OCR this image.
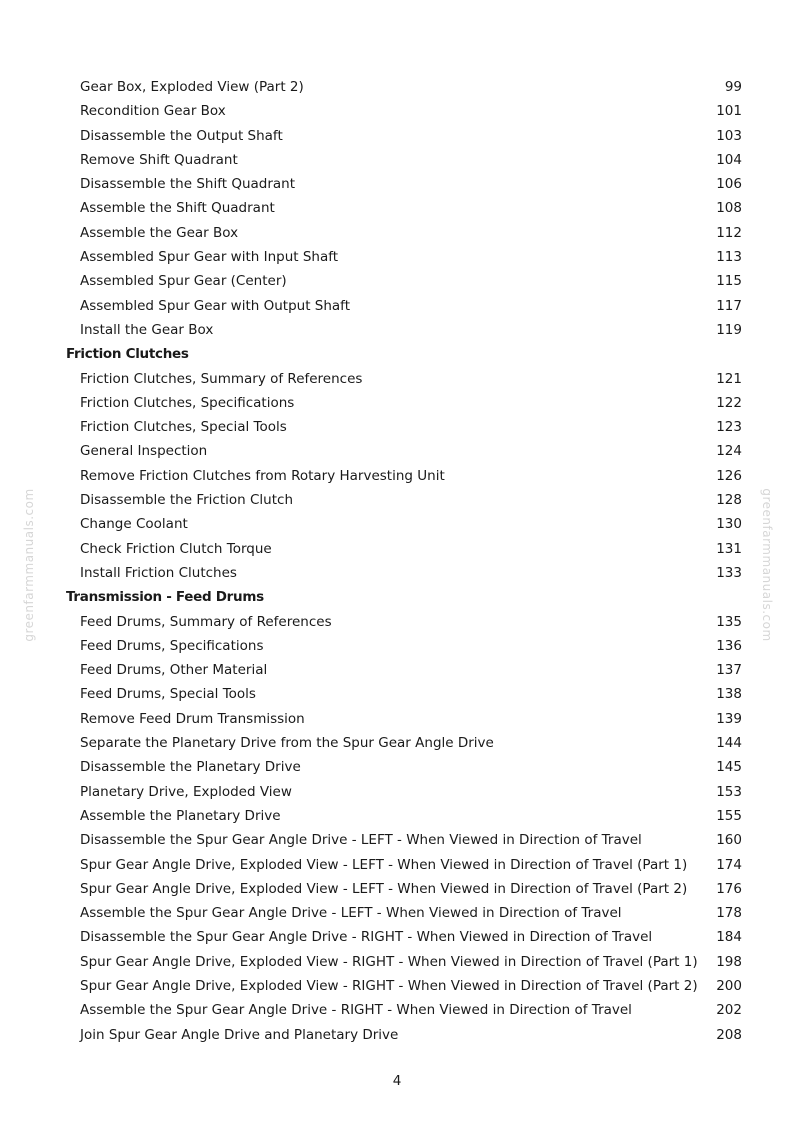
greenfarmmanuals.com	greenfarmmanuals.com
Gear Box, Exploded View (Part 2)	99
Recondition Gear Box	101
Disassemble the Output Shaft	103
Remove Shift Quadrant	104
Disassemble the Shift Quadrant	106
Assemble the Shift Quadrant	108
Assemble the Gear Box	112
Assembled Spur Gear with Input Shaft	113
Assembled Spur Gear (Center)	115
Assembled Spur Gear with Output Shaft	117
Install the Gear Box	119
Friction Clutches
Friction Clutches, Summary of References	121
Friction Clutches, Specifications	122
Friction Clutches, Special Tools	123
General Inspection	124
Remove Friction Clutches from Rotary Harvesting Unit	126
Disassemble the Friction Clutch	128
Change Coolant	130
Check Friction Clutch Torque	131
Install Friction Clutches	133
Transmission - Feed Drums
Feed Drums, Summary of References	135
Feed Drums, Specifications	136
Feed Drums, Other Material	137
Feed Drums, Special Tools	138
Remove Feed Drum Transmission	139
Separate the Planetary Drive from the Spur Gear Angle Drive	144
Disassemble the Planetary Drive	145
Planetary Drive, Exploded View	153
Assemble the Planetary Drive	155
Disassemble the Spur Gear Angle Drive - LEFT - When Viewed in Direction of Travel	160
Spur Gear Angle Drive, Exploded View - LEFT - When Viewed in Direction of Travel (Part 1) 174
Spur Gear Angle Drive, Exploded View - LEFT - When Viewed in Direction of Travel (Part 2) 176
Assemble the Spur Gear Angle Drive - LEFT - When Viewed in Direction of Travel	178
Disassemble the Spur Gear Angle Drive - RIGHT - When Viewed in Direction of Travel	184
Spur Gear Angle Drive, Exploded View - RIGHT - When Viewed in Direction of Travel (Part 1) 198
Spur Gear Angle Drive, Exploded View - RIGHT - When Viewed in Direction of Travel (Part 2) 200
Assemble the Spur Gear Angle Drive - RIGHT - When Viewed in Direction of Travel	202
Join Spur Gear Angle Drive and Planetary Drive	208
4
